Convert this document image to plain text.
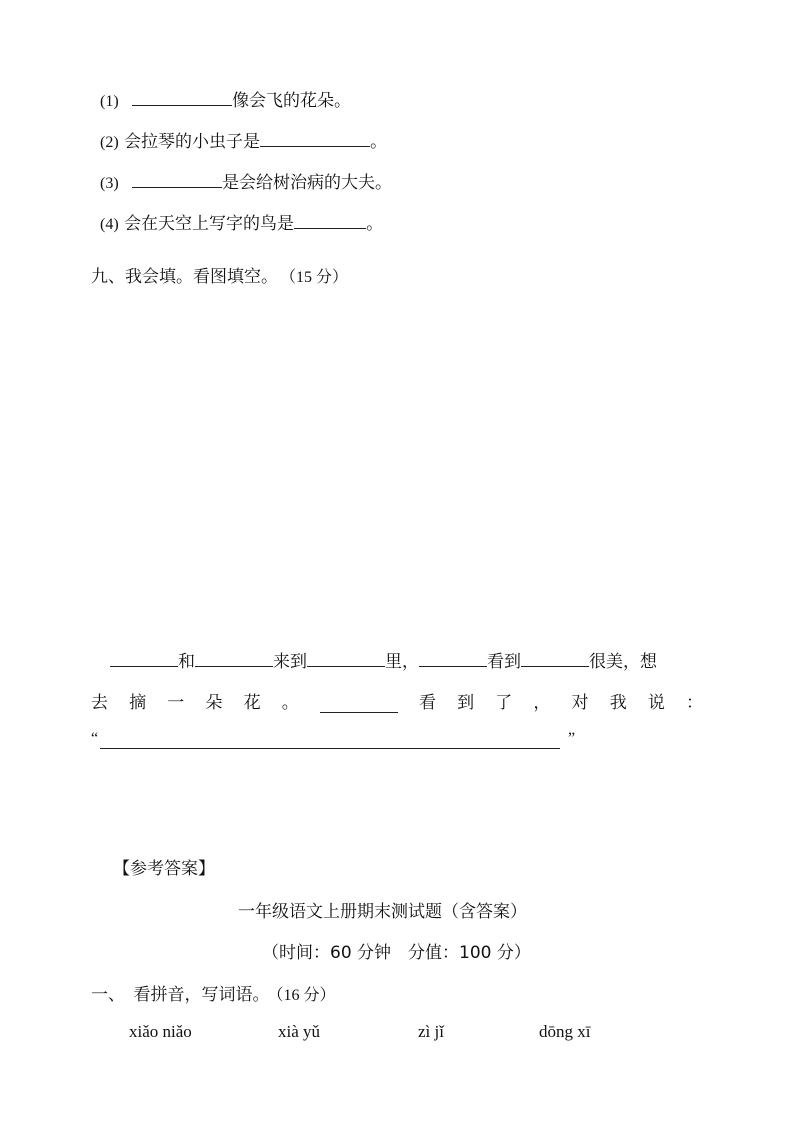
(1)	像会飞的花朵。
(2) 会拉琴的小虫子是	。
(3)	是会给树治病的大夫。
(4) 会在天空上写字的鸟是	。
九、我会填。看图填空。 （15 分）
和	来到	里，	看到	很美，想
去 摘 一 朵 花 。	看 到 了 ， 对 我 说 ：
“	”
【参考答案】
一年级语文上册期末测试题（含答案）
（时间：60 分钟　分值：100 分）
一、　看拼音，写词语。 （16 分）
xiǎo niǎo	xià yǔ	zì jǐ	dōng xī
